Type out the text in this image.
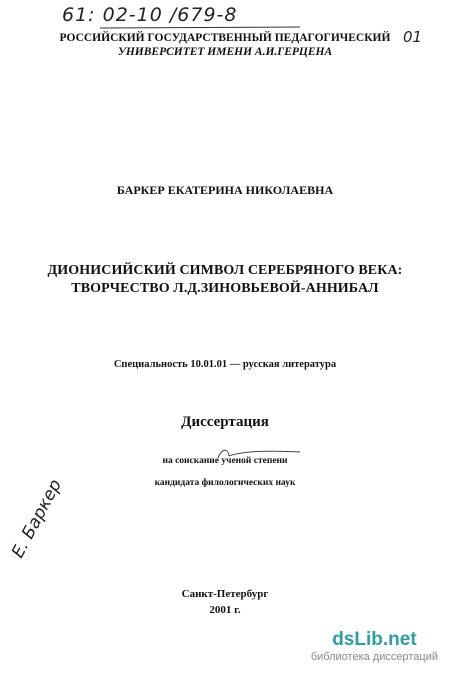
61: 02-10 /679-8
01
Е. Баркер
РОССИЙСКИЙ ГОСУДАРСТВЕННЫЙ ПЕДАГОГИЧЕСКИЙ
УНИВЕРСИТЕТ ИМЕНИ А.И.ГЕРЦЕНА
БАРКЕР ЕКАТЕРИНА НИКОЛАЕВНА
ДИОНИСИЙСКИЙ СИМВОЛ СЕРЕБРЯНОГО ВЕКА:
ТВОРЧЕСТВО Л.Д.ЗИНОВЬЕВОЙ-АННИБАЛ
Специальность 10.01.01 — русская литература
Диссертация
на соискание ученой степени
кандидата филологических наук
Санкт-Петербург
2001 г.
dsLib.net
библиотека диссертаций
